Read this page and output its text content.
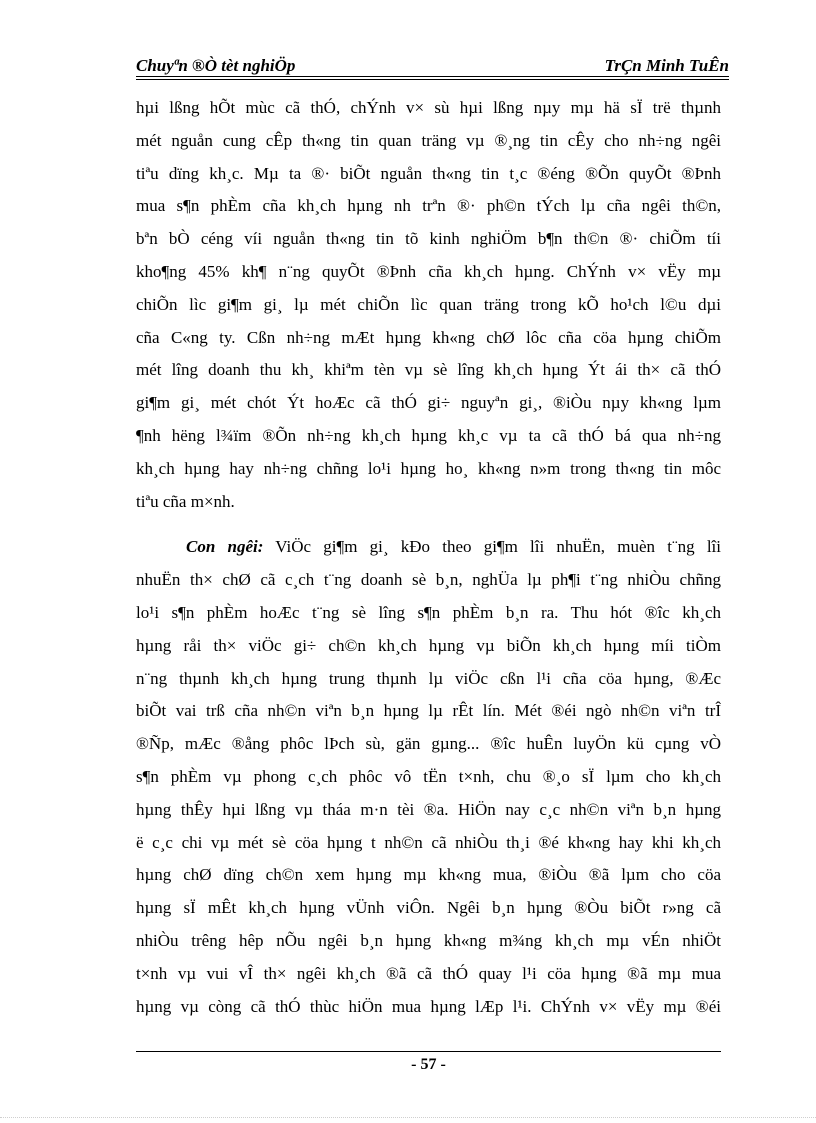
Chuyªn ®Ò tèt nghiÖp	TrÇn Minh TuÊn
hµi lßng hÕt mùc cã thÓ, chÝnh v× sù hµi lßng nµy mµ hä sÏ trë thµnh
mét nguån cung cÊp th«ng tin quan träng vµ ®¸ng tin cÊy cho nh÷ng ngêi
tiªu dïng kh¸c. Mµ ta ®· biÕt nguån th«ng tin t¸c ®éng ®Õn quyÕt ®Þnh
mua s¶n phÈm cña kh¸ch hµng nh trªn ®· ph©n tÝch lµ cña ngêi th©n,
bªn bÒ céng víi nguån th«ng tin tõ kinh nghiÖm b¶n th©n ®· chiÕm tíi
kho¶ng 45% kh¶ n¨ng quyÕt ®Þnh cña kh¸ch hµng. ChÝnh v× vËy mµ
chiÕn lìc gi¶m gi¸ lµ mét chiÕn lìc quan träng trong kÕ ho¹ch l©u dµi
cña C«ng ty. Cßn nh÷ng mÆt hµng kh«ng chØ lôc cña cöa hµng chiÕm
mét lîng doanh thu kh¸ khiªm tèn vµ sè lîng kh¸ch hµng Ýt ái th× cã thÓ
gi¶m gi¸ mét chót Ýt hoÆc cã thÓ gi÷ nguyªn gi¸, ®iÒu nµy kh«ng lµm
¶nh hëng l¾ïm ®Õn nh÷ng kh¸ch hµng kh¸c vµ ta cã thÓ bá qua nh÷ng
kh¸ch hµng hay nh÷ng chñng lo¹i hµng ho¸ kh«ng n»m trong th«ng tin môc
tiªu cña m×nh.
Con ngêi: ViÖc gi¶m gi¸ kÐo theo gi¶m lîi nhuËn, muèn t¨ng lîi
nhuËn th× chØ cã c¸ch t¨ng doanh sè b¸n, nghÜa lµ ph¶i t¨ng nhiÒu chñng
lo¹i s¶n phÈm hoÆc t¨ng sè lîng s¶n phÈm b¸n ra. Thu hót ®îc kh¸ch
hµng råi th× viÖc gi÷ ch©n kh¸ch hµng vµ biÕn kh¸ch hµng míi tiÒm
n¨ng thµnh kh¸ch hµng trung thµnh lµ viÖc cßn l¹i cña cöa hµng, ®Æc
biÕt vai trß cña nh©n viªn b¸n hµng lµ rÊt lín. Mét ®éi ngò nh©n viªn trÎ
®Ñp, mÆc ®ång phôc lÞch sù, gän gµng... ®îc huÊn luyÖn kü cµng vÒ
s¶n phÈm vµ phong c¸ch phôc vô tËn t×nh, chu ®¸o sÏ lµm cho kh¸ch
hµng thÊy hµi lßng vµ tháa m·n tèi ®a. HiÖn nay c¸c nh©n viªn b¸n hµng
ë c¸c chi vµ mét sè cöa hµng t nh©n cã nhiÒu th¸i ®é kh«ng hay khi kh¸ch
hµng chØ dïng ch©n xem hµng mµ kh«ng mua, ®iÒu ®ã lµm cho cöa
hµng sÏ mÊt kh¸ch hµng vÜnh viÔn. Ngêi b¸n hµng ®Òu biÕt r»ng cã
nhiÒu trêng hêp nÕu ngêi b¸n hµng kh«ng m¾ng kh¸ch mµ vÉn nhiÖt
t×nh vµ vui vÎ th× ngêi kh¸ch ®ã cã thÓ quay l¹i cöa hµng ®ã mµ mua
hµng vµ còng cã thÓ thùc hiÖn mua hµng lÆp l¹i. ChÝnh v× vËy mµ ®éi
- 57 -
